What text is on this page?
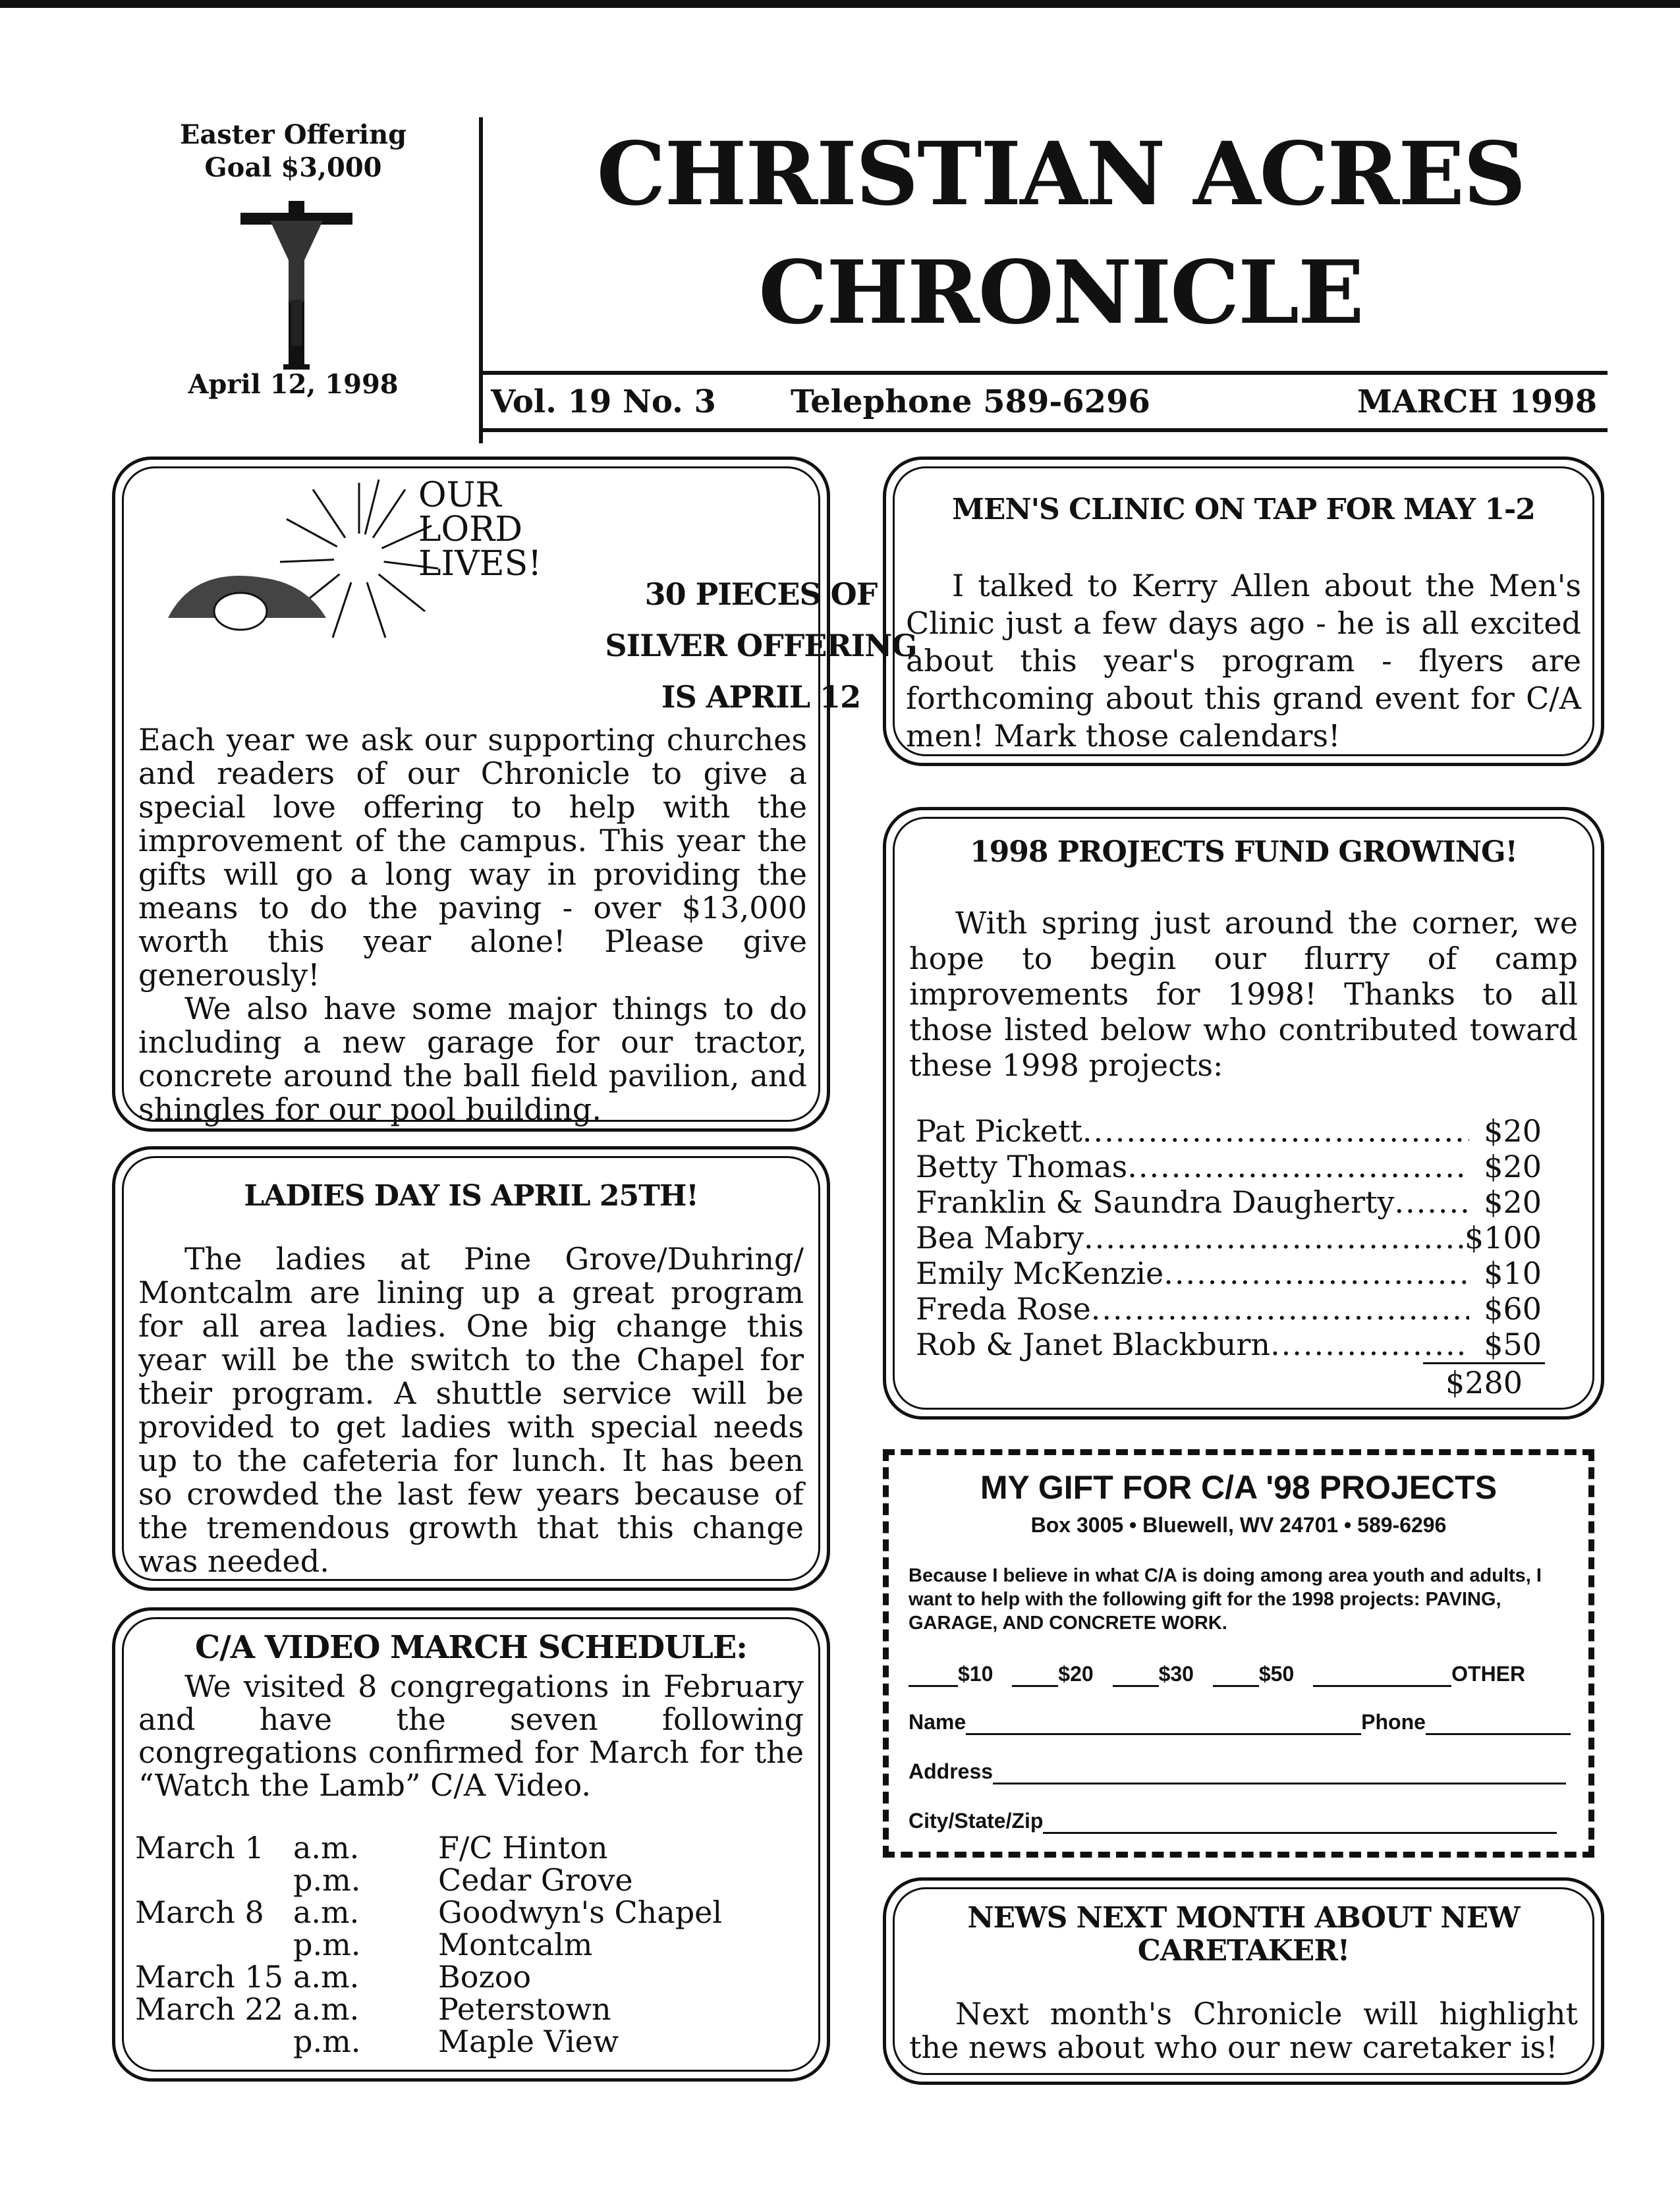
Easter Offering
Goal $3,000
April 12, 1998
CHRISTIAN ACRES
CHRONICLE
Vol. 19 No. 3 Telephone 589-6296	MARCH 1998
OUR
LORD
LIVES!
30 PIECES OF
SILVER OFFERING
IS APRIL 12

Each year we ask our supporting churches and readers of our Chronicle to give a special love offering to help with the improvement of the campus. This year the gifts will go a long way in providing the means to do the paving - over $13,000 worth this year alone! Please give generously!

We also have some major things to do including a new garage for our tractor, concrete around the ball field pavilion, and shingles for our pool building.

LADIES DAY IS APRIL 25TH!
The ladies at Pine Grove/Duhring/ Montcalm are lining up a great program for all area ladies. One big change this year will be the switch to the Chapel for their program. A shuttle service will be provided to get ladies with special needs up to the cafeteria for lunch. It has been so crowded the last few years because of the tremendous growth that this change was needed.
C/A VIDEO MARCH SCHEDULE:
We visited 8 congregations in February and have the seven following congregations confirmed for March for the “Watch the Lamb” C/A Video.
March 1 a.m.	F/C Hinton
p.m.	Cedar Grove
March 8 a.m.	Goodwyn's Chapel
p.m.	Montcalm
March 15 a.m.	Bozoo
March 22 a.m.	Peterstown
p.m.	Maple View
MEN'S CLINIC ON TAP FOR MAY 1-2
I talked to Kerry Allen about the Men's Clinic just a few days ago - he is all excited about this year's program - flyers are forthcoming about this grand event for C/A men! Mark those calendars!
1998 PROJECTS FUND GROWING!
With spring just around the corner, we hope to begin our flurry of camp improvements for 1998! Thanks to all those listed below who contributed toward these 1998 projects:
Pat Pickett .....	$20
Betty Thomas .....	$20
Franklin & Saundra Daugherty .....	$20
Bea Mabry .....	$100
Emily McKenzie .....	$10
Freda Rose .....	$60
Rob & Janet Blackburn .....	$50
$280
MY GIFT FOR C/A '98 PROJECTS
Box 3005 • Bluewell, WV 24701 • 589-6296
Because I believe in what C/A is doing among area youth and adults, I want to help with the following gift for the 1998 projects: PAVING, GARAGE, AND CONCRETE WORK.
$10	$20	$30	$50	OTHER
Name	Phone
Address
City/State/Zip
NEWS NEXT MONTH ABOUT NEW
CARETAKER!
Next month's Chronicle will highlight the news about who our new caretaker is!
